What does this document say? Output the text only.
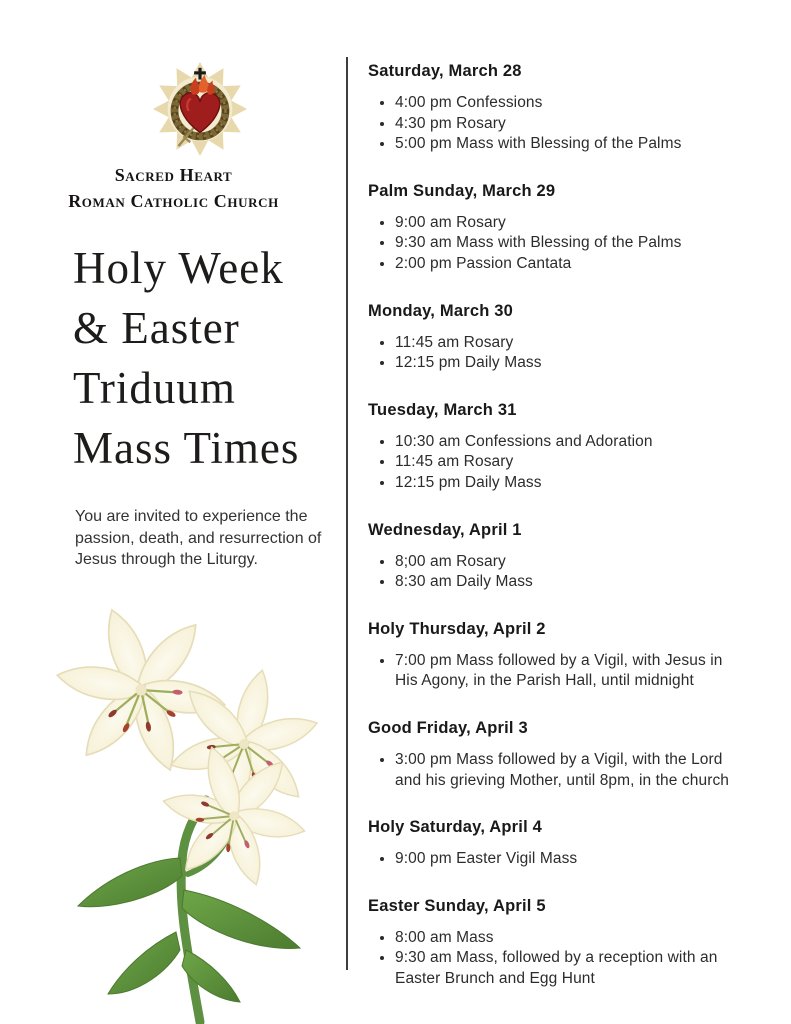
Sacred Heart
Roman Catholic Church
Holy Week
& Easter
Triduum
Mass Times

You are invited to experience the passion, death, and resurrection of Jesus through the Liturgy.

Saturday, March 28
• 4:00 pm Confessions
• 4:30 pm Rosary
• 5:00 pm Mass with Blessing of the Palms
Palm Sunday, March 29
• 9:00 am Rosary
• 9:30 am Mass with Blessing of the Palms
• 2:00 pm Passion Cantata
Monday, March 30
• 11:45 am Rosary
• 12:15 pm Daily Mass
Tuesday, March 31
• 10:30 am Confessions and Adoration
• 11:45 am Rosary
• 12:15 pm Daily Mass
Wednesday, April 1
• 8;00 am Rosary
• 8:30 am Daily Mass
Holy Thursday, April 2
• 7:00 pm Mass followed by a Vigil, with Jesus in His Agony, in the Parish Hall, until midnight
Good Friday, April 3
• 3:00 pm Mass followed by a Vigil, with the Lord and his grieving Mother, until 8pm, in the church
Holy Saturday, April 4
• 9:00 pm Easter Vigil Mass
Easter Sunday, April 5
• 8:00 am Mass
• 9:30 am Mass, followed by a reception with an Easter Brunch and Egg Hunt
